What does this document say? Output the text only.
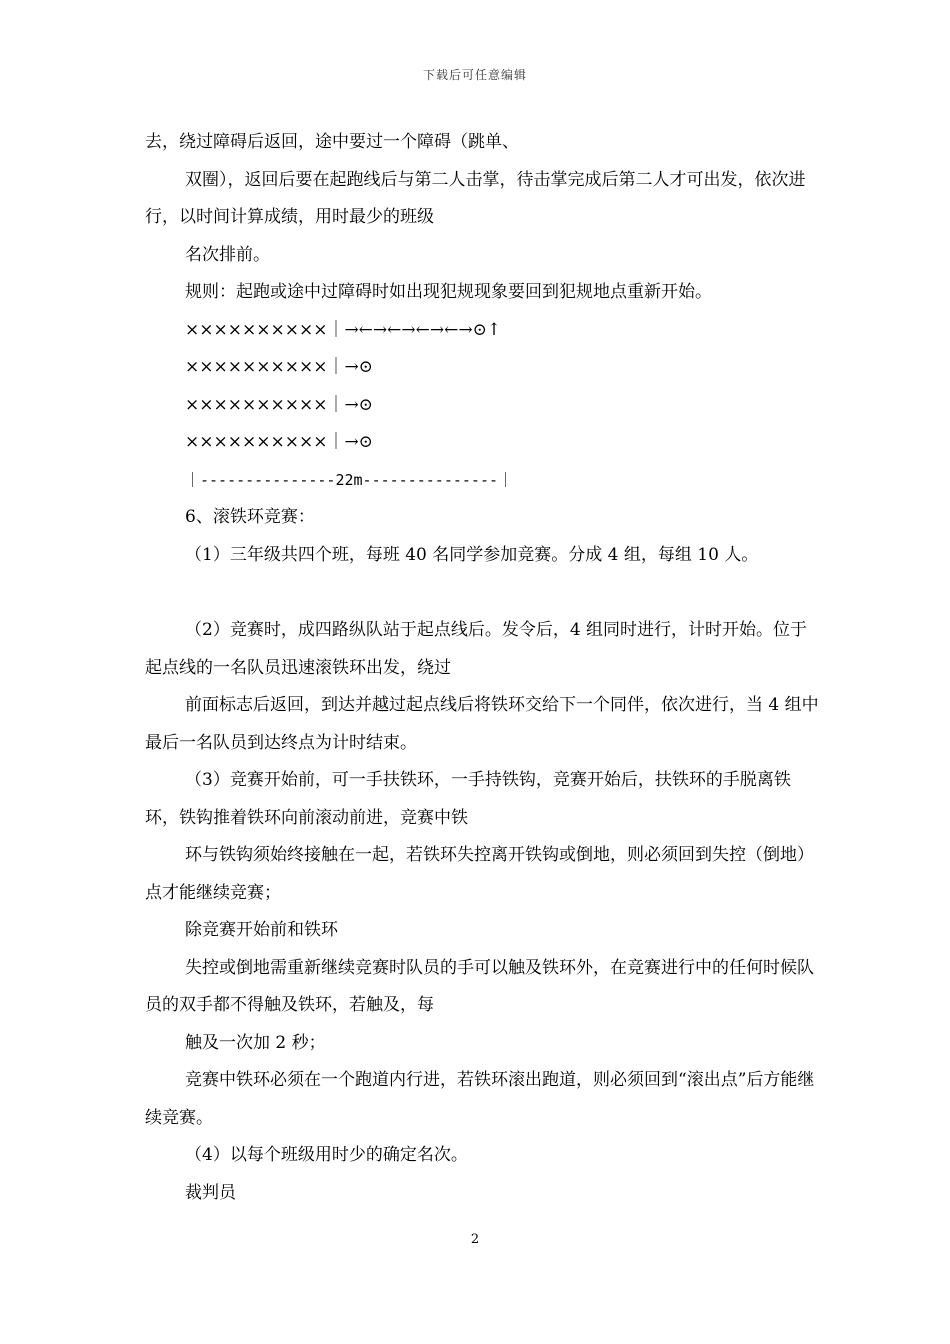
下载后可任意编辑

去，绕过障碍后返回，途中要过一个障碍（跳单、

双圈），返回后要在起跑线后与第二人击掌，待击掌完成后第二人才可出发，依次进行，以时间计算成绩，用时最少的班级

名次排前。

规则：起跑或途中过障碍时如出现犯规现象要回到犯规地点重新开始。

××××××××××｜→←→←→←→←→⊙↑

××××××××××｜→⊙

××××××××××｜→⊙

××××××××××｜→⊙

｜---------------22m---------------｜

6、滚铁环竞赛：

（1）三年级共四个班，每班 40 名同学参加竞赛。分成 4 组，每组 10 人。

（2）竞赛时，成四路纵队站于起点线后。发令后，4 组同时进行，计时开始。位于起点线的一名队员迅速滚铁环出发，绕过

前面标志后返回，到达并越过起点线后将铁环交给下一个同伴，依次进行，当 4 组中最后一名队员到达终点为计时结束。

（3）竞赛开始前，可一手扶铁环，一手持铁钩，竞赛开始后，扶铁环的手脱离铁环，铁钩推着铁环向前滚动前进，竞赛中铁

环与铁钩须始终接触在一起，若铁环失控离开铁钩或倒地，则必须回到失控（倒地）点才能继续竞赛；

除竞赛开始前和铁环

失控或倒地需重新继续竞赛时队员的手可以触及铁环外，在竞赛进行中的任何时候队员的双手都不得触及铁环，若触及，每

触及一次加 2 秒；

竞赛中铁环必须在一个跑道内行进，若铁环滚出跑道，则必须回到“滚出点”后方能继续竞赛。

（4）以每个班级用时少的确定名次。

裁判员

2
